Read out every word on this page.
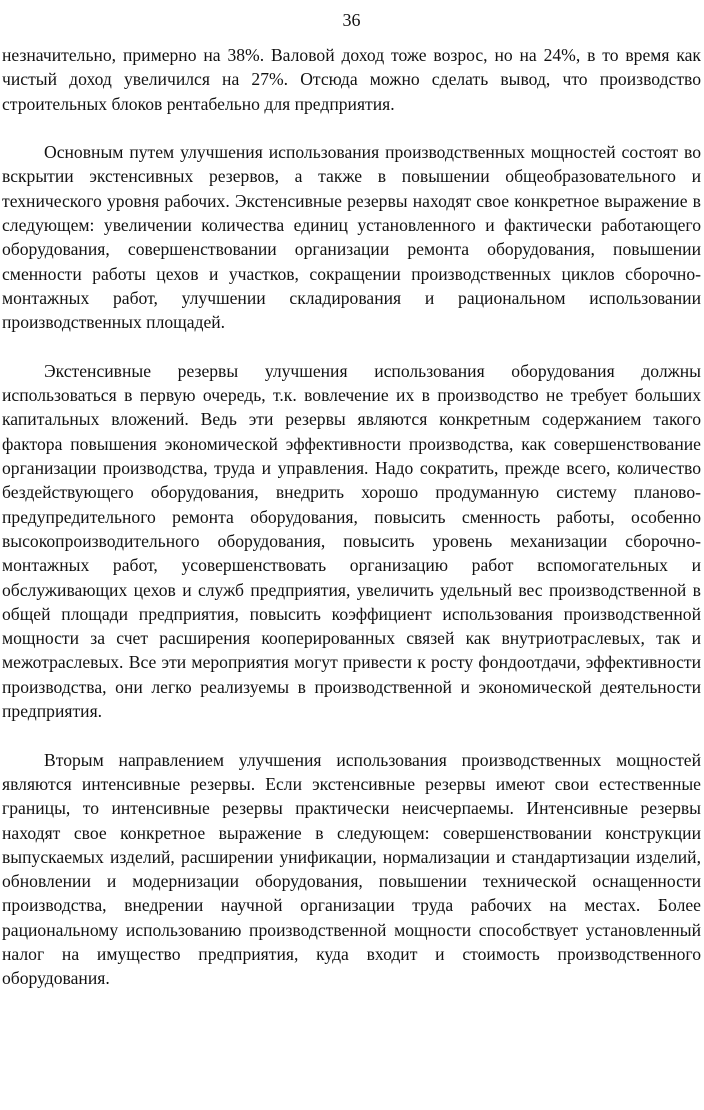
36

незначительно, примерно на 38%. Валовой доход тоже возрос, но на 24%, в то время как чистый доход увеличился на 27%. Отсюда можно сделать вывод, что производство строительных блоков рентабельно для предприятия.

Основным путем улучшения использования производственных мощностей состоят во вскрытии экстенсивных резервов, а также в повышении общеобразовательного и технического уровня рабочих. Экстенсивные резервы находят свое конкретное выражение в следующем: увеличении количества единиц установленного и фактически работающего оборудования, совершенствовании организации ремонта оборудования, повышении сменности работы цехов и участков, сокращении производственных циклов сборочно-монтажных работ, улучшении складирования и рациональном использовании производственных площадей.

Экстенсивные резервы улучшения использования оборудования должны использоваться в первую очередь, т.к. вовлечение их в производство не требует больших капитальных вложений. Ведь эти резервы являются конкретным содержанием такого фактора повышения экономической эффективности производства, как совершенствование организации производства, труда и управления. Надо сократить, прежде всего, количество бездействующего оборудования, внедрить хорошо продуманную систему планово-предупредительного ремонта оборудования, повысить сменность работы, особенно высокопроизводительного оборудования, повысить уровень механизации сборочно-монтажных работ, усовершенствовать организацию работ вспомогательных и обслуживающих цехов и служб предприятия, увеличить удельный вес производственной в общей площади предприятия, повысить коэффициент использования производственной мощности за счет расширения кооперированных связей как внутриотраслевых, так и межотраслевых. Все эти мероприятия могут привести к росту фондоотдачи, эффективности производства, они легко реализуемы в производственной и экономической деятельности предприятия.

Вторым направлением улучшения использования производственных мощностей являются интенсивные резервы. Если экстенсивные резервы имеют свои естественные границы, то интенсивные резервы практически неисчерпаемы. Интенсивные резервы находят свое конкретное выражение в следующем: совершенствовании конструкции выпускаемых изделий, расширении унификации, нормализации и стандартизации изделий, обновлении и модернизации оборудования, повышении технической оснащенности производства, внедрении научной организации труда рабочих на местах. Более рациональному использованию производственной мощности способствует установленный налог на имущество предприятия, куда входит и стоимость производственного оборудования.
